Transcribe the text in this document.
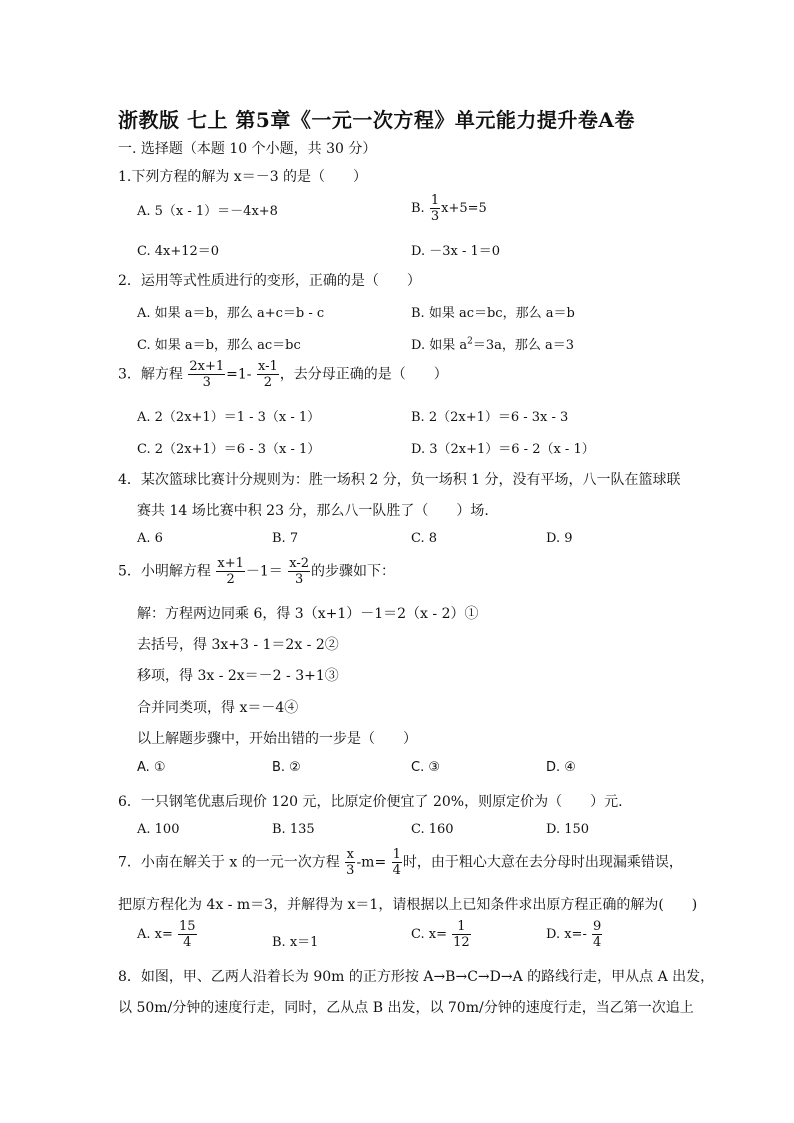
浙教版 七上 第5章《一元一次方程》单元能力提升卷A卷
一. 选择题（本题 10 个小题，共 30 分）
1.下列方程的解为 x＝－3 的是（　　）
A. 5（x - 1）＝－4x+8	B. $\frac{1}{3} x+5=5$
C. 4x+12＝0	D. －3x - 1＝0
2．运用等式性质进行的变形，正确的是（　　）
A. 如果 a＝b，那么 a+c＝b - c	B. 如果 ac＝bc，那么 a＝b
C. 如果 a＝b，那么 ac＝bc	D. 如果 $a^2=3a$，那么 a＝3
3．解方程 $\frac{2x+1}{3} =1- \frac{x-1}{2}$ ，去分母正确的是（　　）
A. 2（2x+1）＝1 - 3（x - 1）	B. 2（2x+1）＝6 - 3x - 3
C. 2（2x+1）＝6 - 3（x - 1）	D. 3（2x+1）＝6 - 2（x - 1）
4．某次篮球比赛计分规则为：胜一场积 2 分，负一场积 1 分，没有平场，八一队在篮球联
赛共 14 场比赛中积 23 分，那么八一队胜了（　　）场.
A. 6	B. 7	C. 8	D. 9
5．小明解方程 $\frac{x+1}{2} -1= \frac{x-2}{3}$ 的步骤如下：
解：方程两边同乘 6，得 3（x+1）－1＝2（x - 2）①
去括号，得 3x+3 - 1＝2x - 2②
移项，得 3x - 2x＝－2 - 3+1③
合并同类项，得 x＝－4④
以上解题步骤中，开始出错的一步是（　　）
A. ①	B. ②	C. ③	D. ④
6．一只钢笔优惠后现价 120 元，比原定价便宜了 20%，则原定价为（　　）元.
A. 100	B. 135	C. 160	D. 150
7．小南在解关于 x 的一元一次方程 $\frac{x}{3} -m= \frac{1}{4}$ 时，由于粗心大意在去分母时出现漏乘错误，
把原方程化为 4x - m＝3，并解得为 x＝1，请根据以上已知条件求出原方程正确的解为(　　)
A. $x= \frac{15}{4}$	B. x＝1
C. $x= \frac{1}{12}$	D. $x=- \frac{9}{4}$
8．如图，甲、乙两人沿着长为 90m 的正方形按 A→B→C→D→A 的路线行走，甲从点 A 出发，
以 50m/分钟的速度行走，同时，乙从点 B 出发，以 70m/分钟的速度行走，当乙第一次追上
